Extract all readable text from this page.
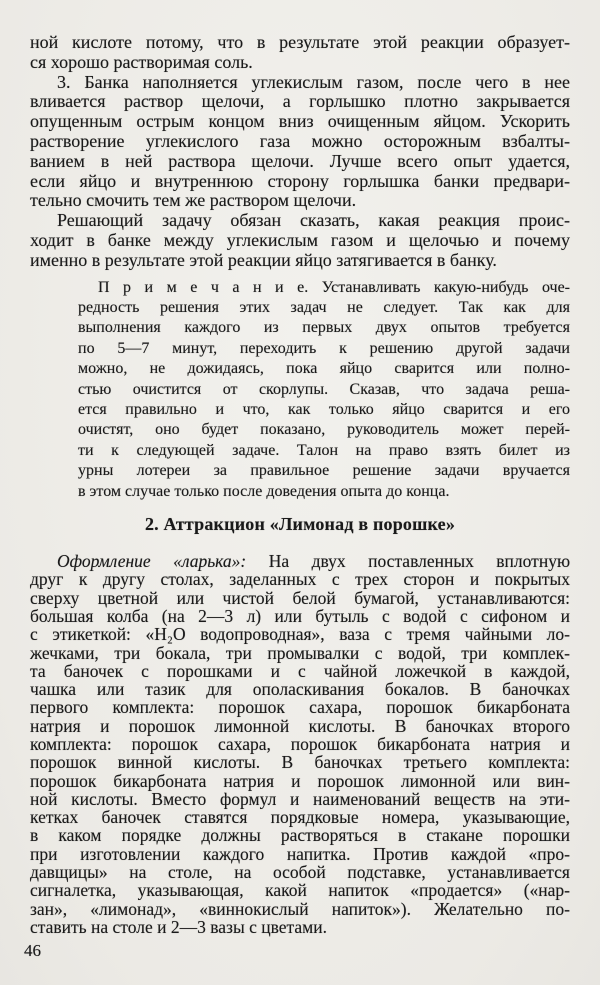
ной кислоте потому, что в результате этой реакции образует-
ся хорошо растворимая соль.
3. Банка наполняется углекислым газом, после чего в нее
вливается раствор щелочи, а горлышко плотно закрывается
опущенным острым концом вниз очищенным яйцом. Ускорить
растворение углекислого газа можно осторожным взбалты-
ванием в ней раствора щелочи. Лучше всего опыт удается,
если яйцо и внутреннюю сторону горлышка банки предвари-
тельно смочить тем же раствором щелочи.
Решающий задачу обязан сказать, какая реакция проис-
ходит в банке между углекислым газом и щелочью и почему
именно в результате этой реакции яйцо затягивается в банку.
П р и м е ч а н и е. Устанавливать какую-нибудь оче-
редность решения этих задач не следует. Так как для
выполнения каждого из первых двух опытов требуется
по 5—7 минут, переходить к решению другой задачи
можно, не дожидаясь, пока яйцо сварится или полно-
стью очистится от скорлупы. Сказав, что задача реша-
ется правильно и что, как только яйцо сварится и его
очистят, оно будет показано, руководитель может перей-
ти к следующей задаче. Талон на право взять билет из
урны лотереи за правильное решение задачи вручается
в этом случае только после доведения опыта до конца.
2. Аттракцион «Лимонад в порошке»
Оформление «ларька»: На двух поставленных вплотную
друг к другу столах, заделанных с трех сторон и покрытых
сверху цветной или чистой белой бумагой, устанавливаются:
большая колба (на 2—3 л) или бутыль с водой с сифоном и
с этикеткой: «Н₂О водопроводная», ваза с тремя чайными ло-
жечками, три бокала, три промывалки с водой, три комплек-
та баночек с порошками и с чайной ложечкой в каждой,
чашка или тазик для ополаскивания бокалов. В баночках
первого комплекта: порошок сахара, порошок бикарбоната
натрия и порошок лимонной кислоты. В баночках второго
комплекта: порошок сахара, порошок бикарбоната натрия и
порошок винной кислоты. В баночках третьего комплекта:
порошок бикарбоната натрия и порошок лимонной или вин-
ной кислоты. Вместо формул и наименований веществ на эти-
кетках баночек ставятся порядковые номера, указывающие,
в каком порядке должны растворяться в стакане порошки
при изготовлении каждого напитка. Против каждой «про-
давщицы» на столе, на особой подставке, устанавливается
сигналетка, указывающая, какой напиток «продается» («нар-
зан», «лимонад», «виннокислый напиток»). Желательно по-
ставить на столе и 2—3 вазы с цветами.
46
